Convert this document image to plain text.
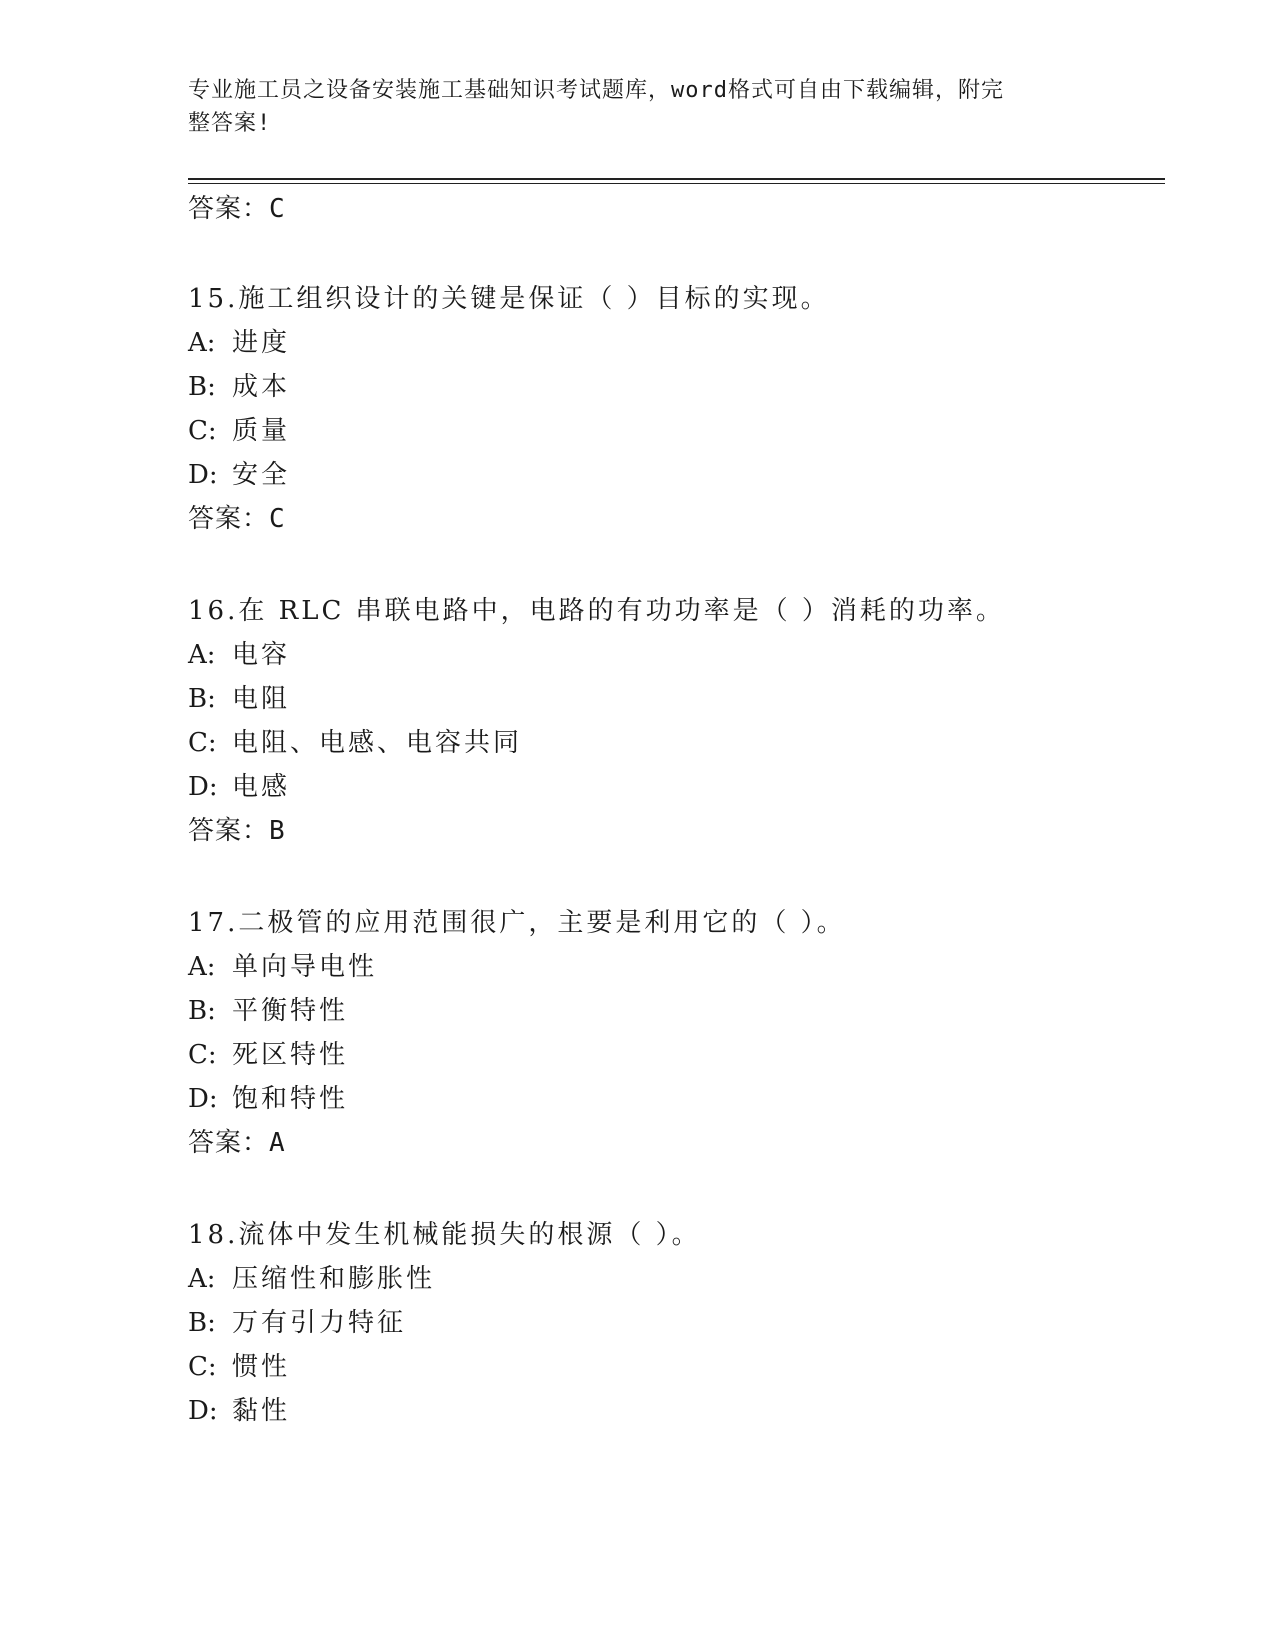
专业施工员之设备安装施工基础知识考试题库，word格式可自由下载编辑，附完
整答案!
答案：C
15.施工组织设计的关键是保证（ ）目标的实现。
A: 进度
B: 成本
C: 质量
D: 安全
答案：C
16.在 RLC 串联电路中，电路的有功功率是（ ）消耗的功率。
A: 电容
B: 电阻
C: 电阻、电感、电容共同
D: 电感
答案：B
17.二极管的应用范围很广，主要是利用它的（ ）。
A: 单向导电性
B: 平衡特性
C: 死区特性
D: 饱和特性
答案：A
18.流体中发生机械能损失的根源（ ）。
A: 压缩性和膨胀性
B: 万有引力特征
C: 惯性
D: 黏性
